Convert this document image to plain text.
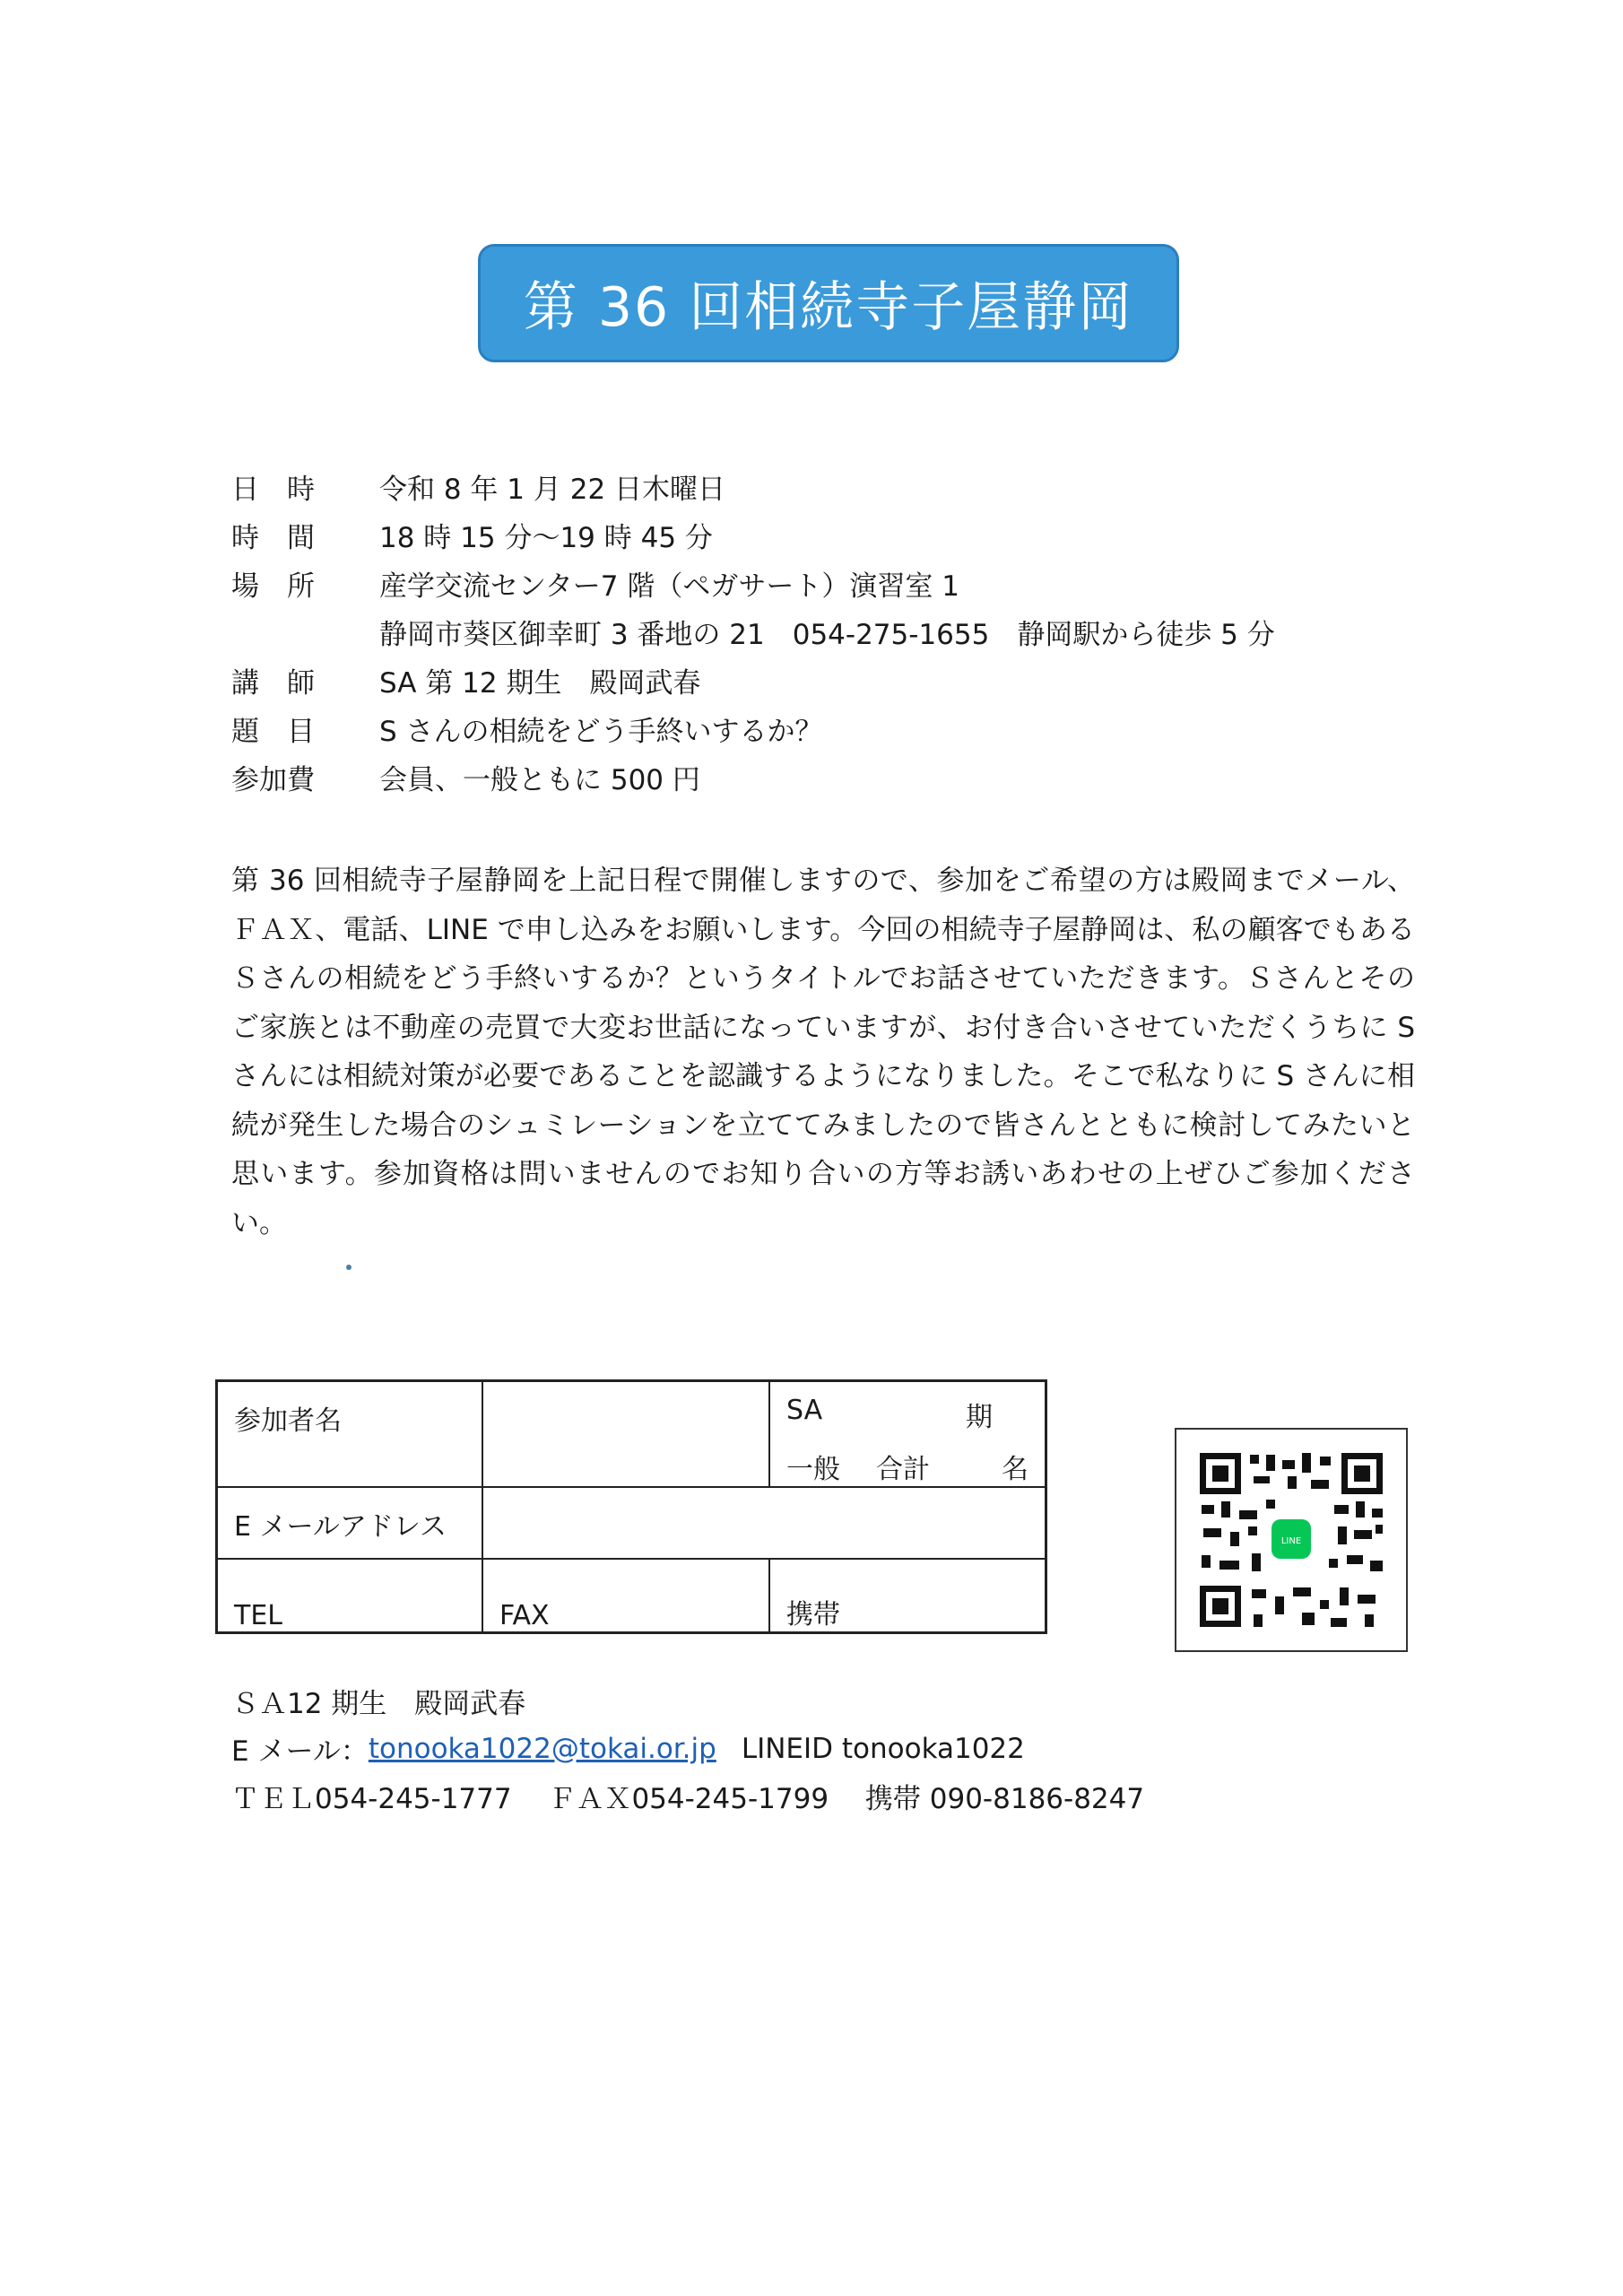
第 36 回相続寺子屋静岡
日　時	令和 8 年 1 月 22 日木曜日
時　間	18 時 15 分～19 時 45 分
場　所	産学交流センター7 階（ペガサート）演習室 1
静岡市葵区御幸町 3 番地の 21　054-275-1655　静岡駅から徒歩 5 分
講　師	SA 第 12 期生　殿岡武春
題　目	S さんの相続をどう手終いするか？
参加費	会員、一般ともに 500 円
第 36 回相続寺子屋静岡を上記日程で開催しますので、参加をご希望の方は殿岡までメール、ＦＡＸ、電話、LINE で申し込みをお願いします。今回の相続寺子屋静岡は、私の顧客でもあるＳさんの相続をどう手終いするか？というタイトルでお話させていただきます。Ｓさんとそのご家族とは不動産の売買で大変お世話になっていますが、お付き合いさせていただくうちに S さんには相続対策が必要であることを認識するようになりました。そこで私なりに S さんに相続が発生した場合のシュミレーションを立ててみましたので皆さんとともに検討してみたいと思います。参加資格は問いませんのでお知り合いの方等お誘いあわせの上ぜひご参加ください。
参加者名		SA 期
一般 合計 名

E メールアドレス		
TEL	FAX	携帯
LINE
ＳＡ12 期生　殿岡武春
E メール： tonooka1022@tokai.or.jp LINEID tonooka1022
ＴＥＬ054-245-1777　 ＦＡＸ054-245-1799　 携帯 090-8186-8247
